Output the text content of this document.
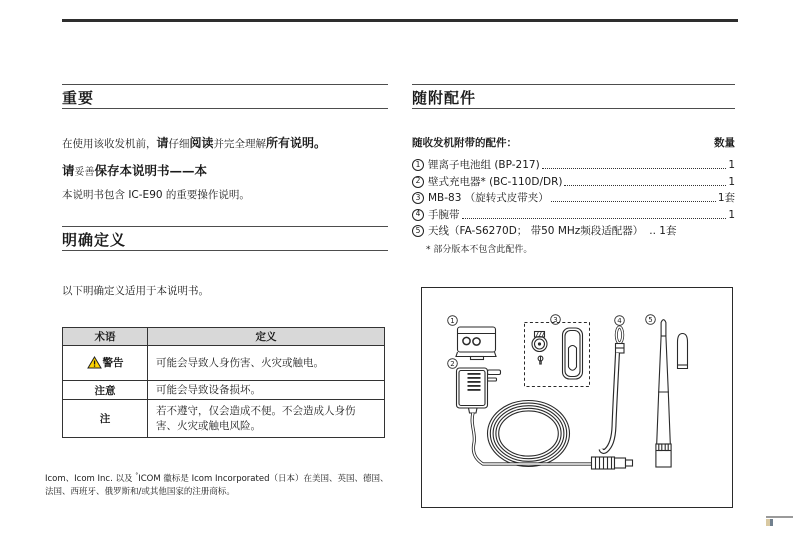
重要

在使用该收发机前，请仔细阅读并完全理解所有说明。

请妥善保存本说明书——本

本说明书包含 IC-E90 的重要操作说明。

明确定义

以下明确定义适用于本说明书。

术语	定义

警告	可能会导致人身伤害、火灾或触电。
注意	可能会导致设备损坏。
注	若不遵守，仅会造成不便。不会造成人身伤害、火灾或触电风险。

Icom、Icom Inc. 以及 °ICOM 徽标是 Icom Incorporated（日本）在美国、英国、德国、法国、西班牙、俄罗斯和/或其他国家的注册商标。

随附配件
随收发机附带的配件：	数量
1 锂离子电池组 (BP-217)	1
2 壁式充电器* (BC-110D/DR)	1
3 MB-83 （旋转式皮带夹）	1套
4 手腕带	1
5 天线（FA-S6270D； 带50 MHz频段适配器） .. 1套

* 部分版本不包含此配件。

1
2
3	4	5
